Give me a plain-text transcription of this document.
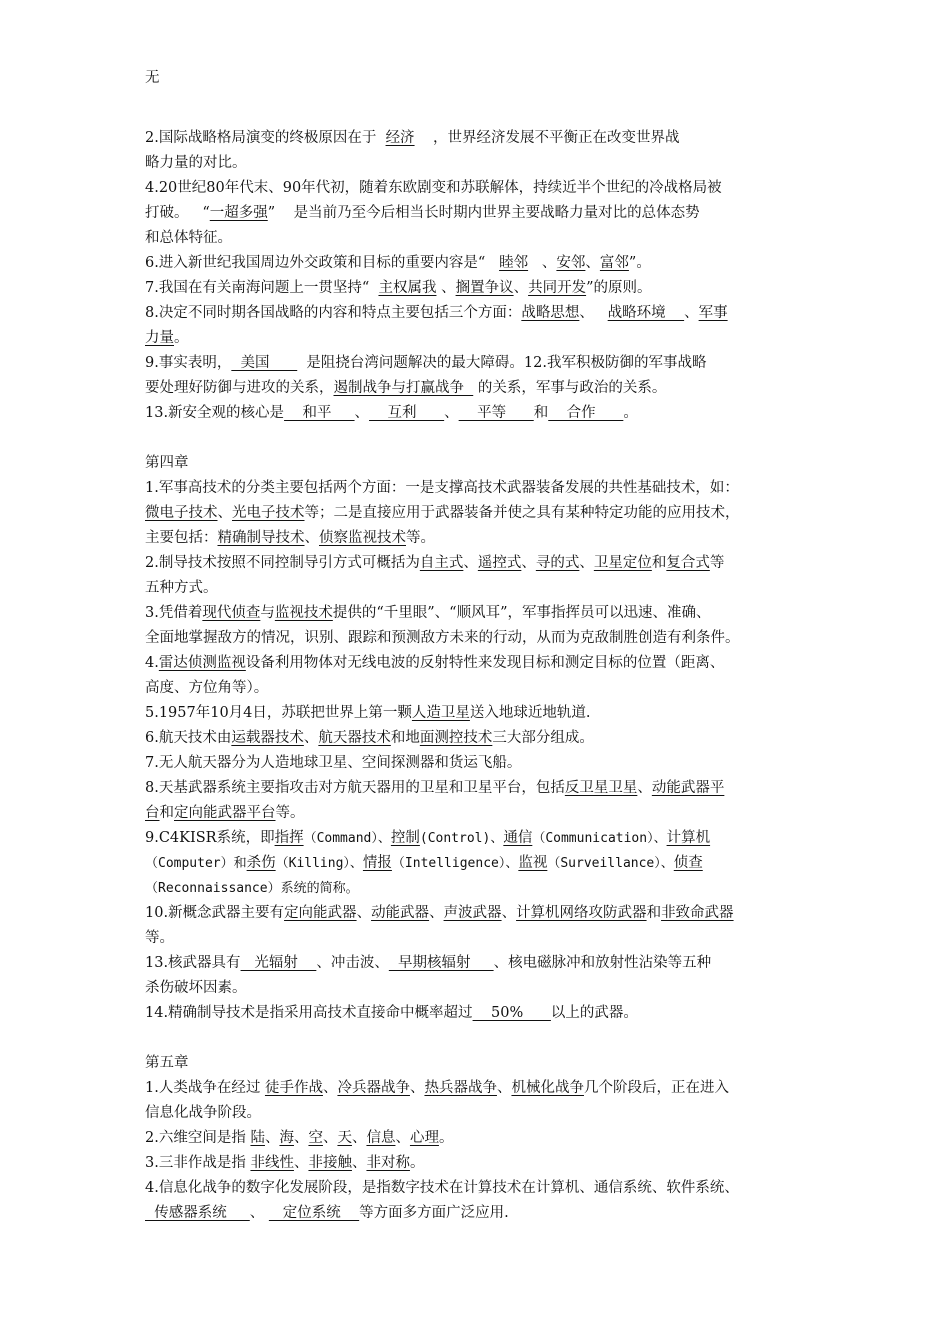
无
2.国际战略格局演变的终极原因在于  经济    ，世界经济发展不平衡正在改变世界战
略力量的对比。
4.20世纪80年代末、90年代初，随着东欧剧变和苏联解体，持续近半个世纪的冷战格局被
打破。   “一超多强”    是当前乃至今后相当长时期内世界主要战略力量对比的总体态势
和总体特征。
6.进入新世纪我国周边外交政策和目标的重要内容是“   睦邻   、安邻、富邻”。
7.我国在有关南海问题上一贯坚持“  主权属我 、搁置争议、共同开发”的原则。
8.决定不同时期各国战略的内容和特点主要包括三个方面：战略思想、   战略环境    、军事
力量。
9.事实表明，  美国        是阻挠台湾问题解决的最大障碍。12.我军积极防御的军事战略
要处理好防御与进攻的关系，遏制战争与打赢战争   的关系，军事与政治的关系。
13.新安全观的核心是    和平     、    互利      、    平等      和    合作      。
第四章
1.军事高技术的分类主要包括两个方面：一是支撑高技术武器装备发展的共性基础技术，如：
微电子技术、光电子技术等；二是直接应用于武器装备并使之具有某种特定功能的应用技术，
主要包括：精确制导技术、侦察监视技术等。
2.制导技术按照不同控制导引方式可概括为自主式、遥控式、寻的式、卫星定位和复合式等
五种方式。
3.凭借着现代侦查与监视技术提供的“千里眼”、“顺风耳”，军事指挥员可以迅速、准确、
全面地掌握敌方的情况，识别、跟踪和预测敌方未来的行动，从而为克敌制胜创造有利条件。
4.雷达侦测监视设备利用物体对无线电波的反射特性来发现目标和测定目标的位置（距离、
高度、方位角等）。
5.1957年10月4日，苏联把世界上第一颗人造卫星送入地球近地轨道.
6.航天技术由运载器技术、航天器技术和地面测控技术三大部分组成。
7.无人航天器分为人造地球卫星、空间探测器和货运飞船。
8.天基武器系统主要指攻击对方航天器用的卫星和卫星平台，包括反卫星卫星、动能武器平
台和定向能武器平台等。
9.C4KISR系统，即指挥（Command）、控制(Control)、通信（Communication）、计算机
（Computer）和杀伤（Killing）、情报（Intelligence）、监视（Surveillance）、侦查
（Reconnaissance）系统的简称。
10.新概念武器主要有定向能武器、动能武器、声波武器、计算机网络攻防武器和非致命武器
等。
13.核武器具有   光辐射    、冲击波、  早期核辐射     、核电磁脉冲和放射性沾染等五种
杀伤破坏因素。
14.精确制导技术是指采用高技术直接命中概率超过    50%      以上的武器。
第五章
1.人类战争在经过 徒手作战、冷兵器战争、热兵器战争、机械化战争几个阶段后，正在进入
信息化战争阶段。
2.六维空间是指 陆、海、空、天、信息、心理。
3.三非作战是指 非线性、非接触、非对称。
4.信息化战争的数字化发展阶段，是指数字技术在计算技术在计算机、通信系统、软件系统、
传感器系统     、    定位系统    等方面多方面广泛应用.
